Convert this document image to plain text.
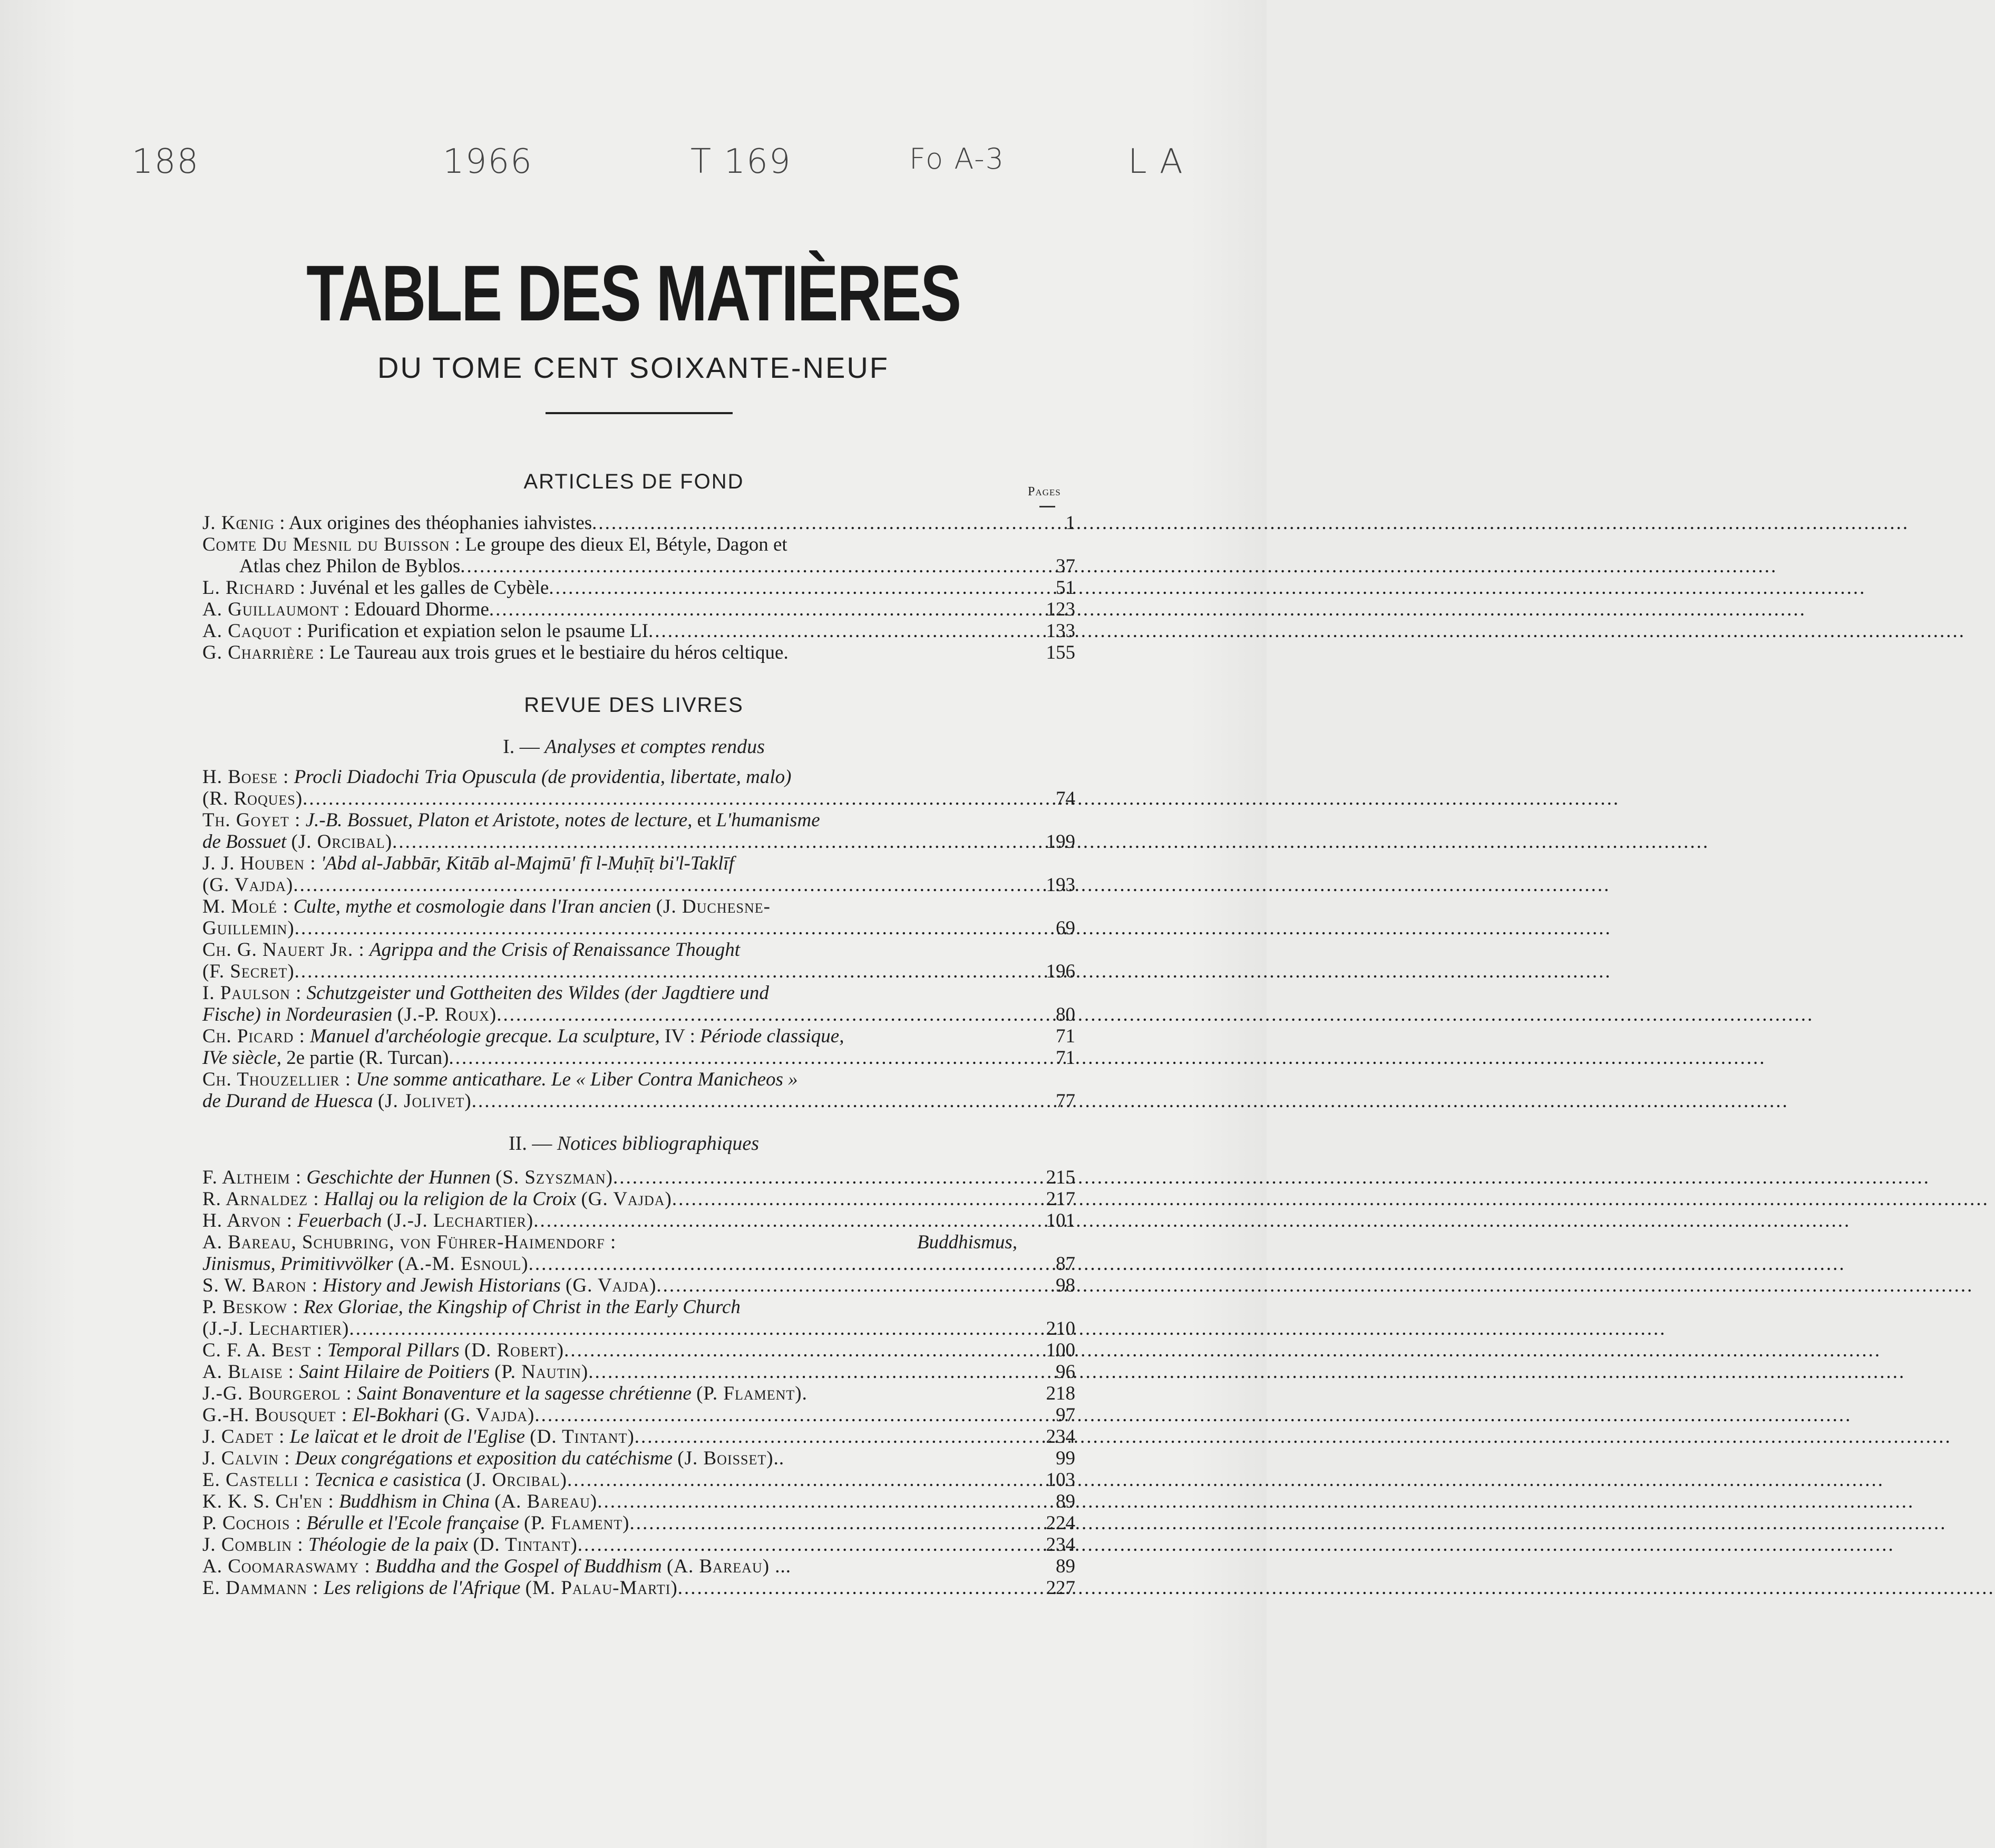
188	1966	T 169	Fo A-3	L A
TABLE DES MATIÈRES
DU TOME CENT SOIXANTE-NEUF
ARTICLES DE FOND	Pages
J. Kœnig : Aux origines des théophanies iahvistes .....	1
Comte Du Mesnil du Buisson : Le groupe des dieux El, Bétyle, Dagon et
Atlas chez Philon de Byblos .....	37
L. Richard : Juvénal et les galles de Cybèle .....	51
A. Guillaumont : Edouard Dhorme .....	123
A. Caquot : Purification et expiation selon le psaume LI .....	133
G. Charrière : Le Taureau aux trois grues et le bestiaire du héros celtique.	155
REVUE DES LIVRES
I. — Analyses et comptes rendus
H. Boese : Procli Diadochi Tria Opuscula (de providentia, libertate, malo)
(R. Roques) .....	74
Th. Goyet : J.-B. Bossuet, Platon et Aristote, notes de lecture, et L'humanisme
de Bossuet (J. Orcibal) .....	199
J. J. Houben : 'Abd al-Jabbār, Kitāb al-Majmū' fī l-Muḥīṭ bi'l-Taklīf
(G. Vajda) .....	193
M. Molé : Culte, mythe et cosmologie dans l'Iran ancien (J. Duchesne-
Guillemin) .....	69
Ch. G. Nauert Jr. : Agrippa and the Crisis of Renaissance Thought
(F. Secret) .....	196
I. Paulson : Schutzgeister und Gottheiten des Wildes (der Jagdtiere und
Fische) in Nordeurasien (J.-P. Roux) .....	80
Ch. Picard : Manuel d'archéologie grecque. La sculpture, IV : Période classique,	71
IVe siècle, 2e partie (R. Turcan) .....	71
Ch. Thouzellier : Une somme anticathare. Le « Liber Contra Manicheos »
de Durand de Huesca (J. Jolivet) .....	77
II. — Notices bibliographiques
F. Altheim : Geschichte der Hunnen (S. Szyszman) .....	215
R. Arnaldez : Hallaj ou la religion de la Croix (G. Vajda) .....	217
H. Arvon : Feuerbach (J.-J. Lechartier) .....	101
A. Bareau, Schubring, von Führer-Haimendorf :	Buddhismus,
Jinismus, Primitivvölker (A.-M. Esnoul) .....	87
S. W. Baron : History and Jewish Historians (G. Vajda) .....	98
P. Beskow : Rex Gloriae, the Kingship of Christ in the Early Church
(J.-J. Lechartier) .....	210
C. F. A. Best : Temporal Pillars (D. Robert) .....	100
A. Blaise : Saint Hilaire de Poitiers (P. Nautin) .....	96
J.-G. Bourgerol : Saint Bonaventure et la sagesse chrétienne (P. Flament).	218
G.-H. Bousquet : El-Bokhari (G. Vajda) .....	97
J. Cadet : Le laïcat et le droit de l'Eglise (D. Tintant) .....	234
J. Calvin : Deux congrégations et exposition du catéchisme (J. Boisset)..	99
E. Castelli : Tecnica e casistica (J. Orcibal) .....	103
K. K. S. Ch'en : Buddhism in China (A. Bareau) .....	89
P. Cochois : Bérulle et l'Ecole française (P. Flament) .....	224
J. Comblin : Théologie de la paix (D. Tintant) .....	234
A. Coomaraswamy : Buddha and the Gospel of Buddhism (A. Bareau) ...	89
E. Dammann : Les religions de l'Afrique (M. Palau-Marti) .....	227
